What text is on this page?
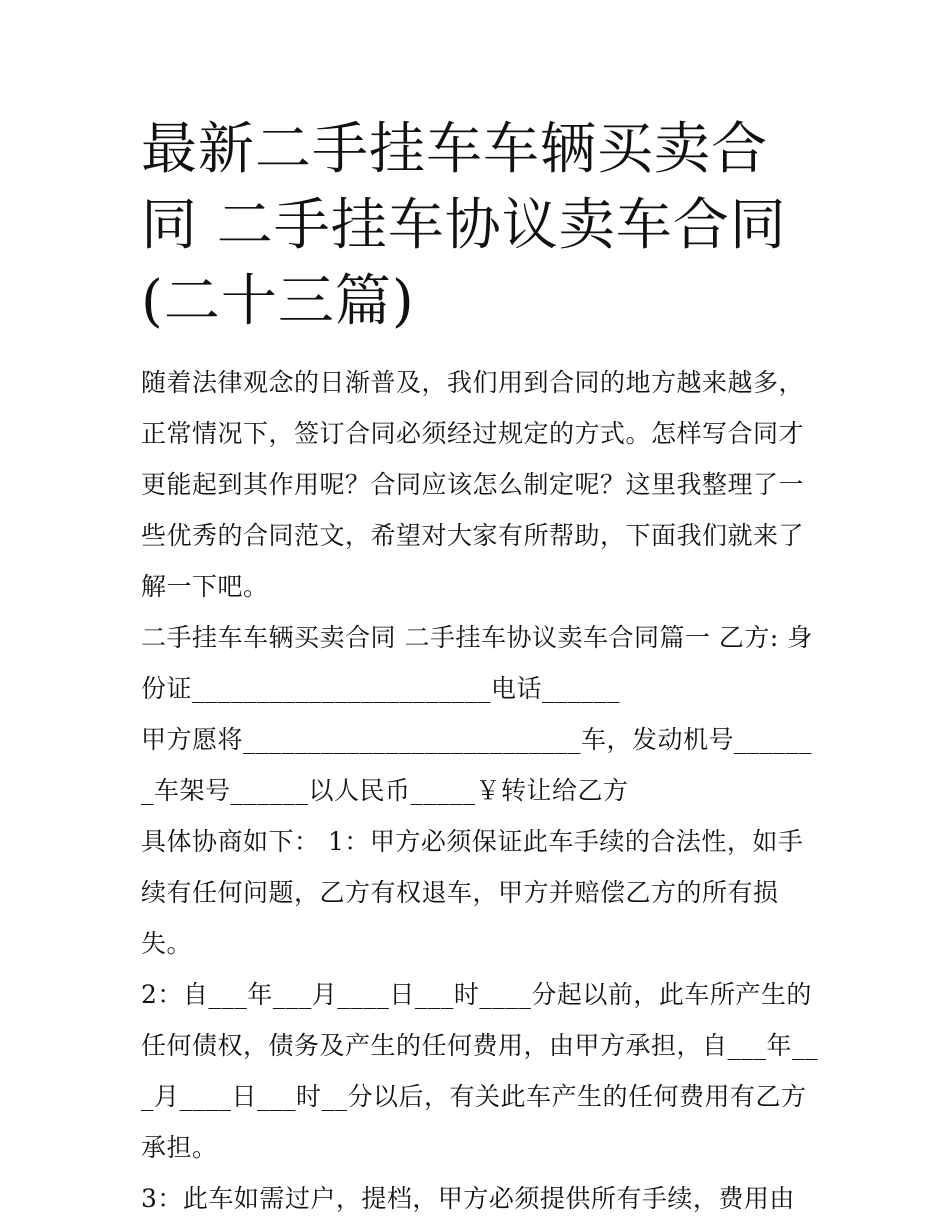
最新二手挂车车辆买卖合同 二手挂车协议卖车合同(二十三篇)

随着法律观念的日渐普及，我们用到合同的地方越来越多，正常情况下，签订合同必须经过规定的方式。怎样写合同才更能起到其作用呢？合同应该怎么制定呢？这里我整理了一些优秀的合同范文，希望对大家有所帮助，下面我们就来了解一下吧。

二手挂车车辆买卖合同 二手挂车协议卖车合同篇一 乙方: 身份证_______________________电话______

甲方愿将__________________________车，发动机号_______车架号______以人民币_____￥转让给乙方

具体协商如下： 1：甲方必须保证此车手续的合法性，如手续有任何问题，乙方有权退车，甲方并赔偿乙方的所有损失。

2：自___年___月____日___时____分起以前，此车所产生的任何债权，债务及产生的任何费用，由甲方承担，自___年___月____日___时__分以后，有关此车产生的任何费用有乙方承担。

3：此车如需过户，提档，甲方必须提供所有手续，费用由
